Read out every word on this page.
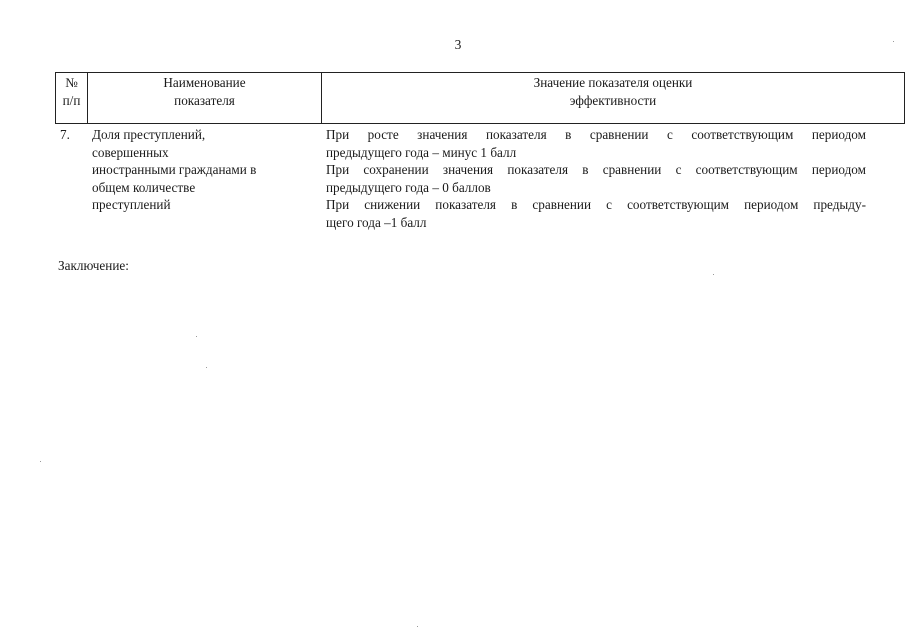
3
№
п/п
Наименование
показателя
Значение показателя оценки
эффективности
7. Доля преступлений,
совершенных
иностранными гражданами в
общем количестве
преступлений
При росте значения показателя в сравнении с соответствующим периодом
предыдущего года – минус 1 балл
При сохранении значения показателя в сравнении с соответствующим периодом
предыдущего года – 0 баллов
При снижении показателя в сравнении с соответствующим периодом предыду-
щего года –1 балл
Заключение:
